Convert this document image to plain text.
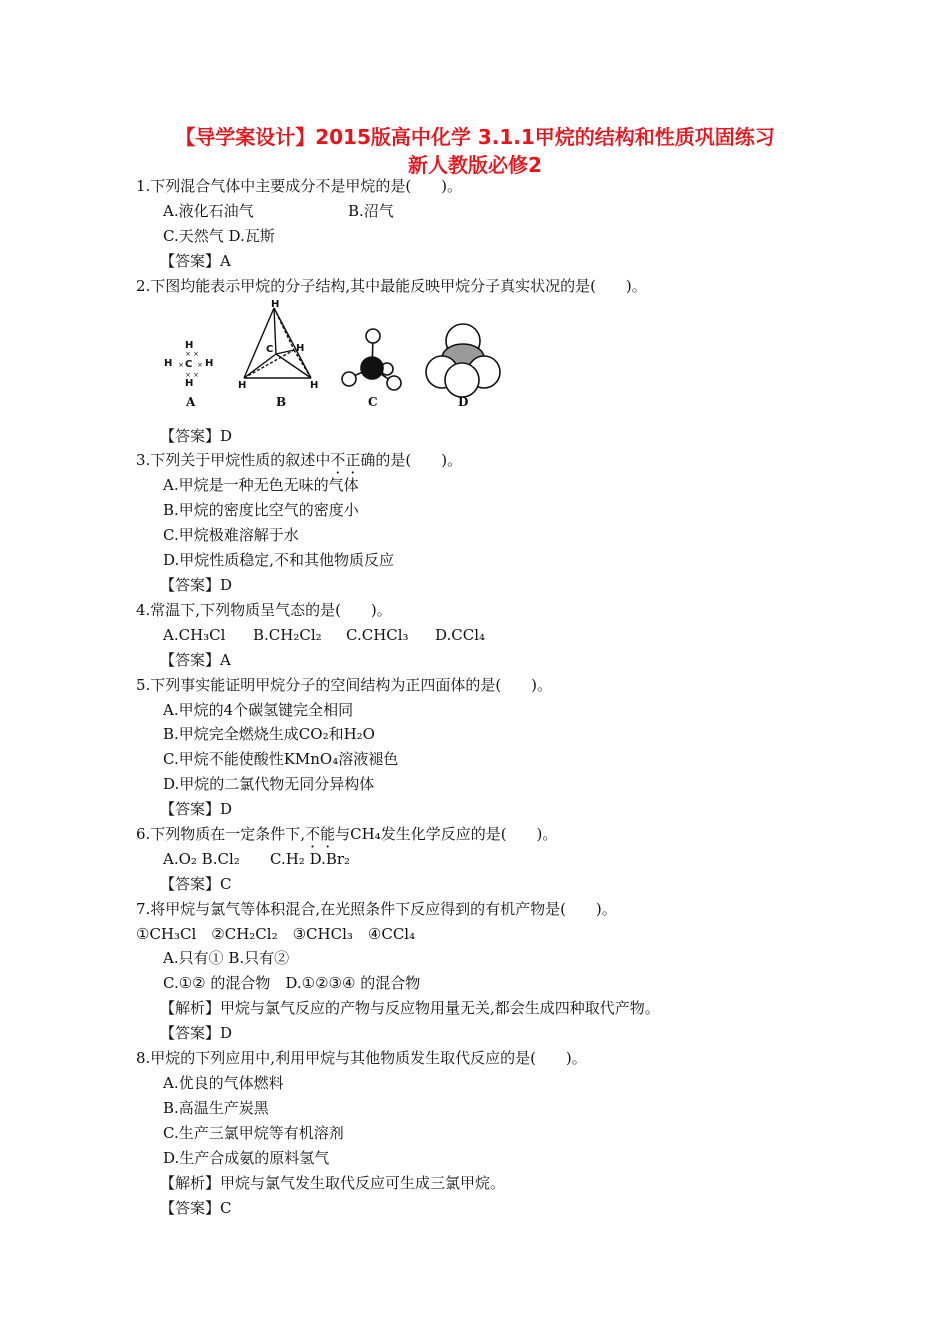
【导学案设计】2015版高中化学 3.1.1甲烷的结构和性质巩固练习
新人教版必修2
1.下列混合气体中主要成分不是甲烷的是(　　)。
A.液化石油气	B.沼气
C.天然气 D.瓦斯
【答案】A
2.下图均能表示甲烷的分子结构,其中最能反映甲烷分子真实状况的是(　　)。
H
H
H	H
C
× ×
× ×
× ×
H
C H
H	H
A	B	C	D
【答案】D
3.下列关于甲烷性质的叙述中不正确的是(　　)。
A.甲烷是一种无色无味的气体
B.甲烷的密度比空气的密度小
C.甲烷极难溶解于水
D.甲烷性质稳定,不和其他物质反应
【答案】D
4.常温下,下列物质呈气态的是(　　)。
A.CH₃Cl B.CH₂Cl₂ C.CHCl₃ D.CCl₄
【答案】A
5.下列事实能证明甲烷分子的空间结构为正四面体的是(　　)。
A.甲烷的4个碳氢键完全相同
B.甲烷完全燃烧生成CO₂和H₂O
C.甲烷不能使酸性KMnO₄溶液褪色
D.甲烷的二氯代物无同分异构体
【答案】D
6.下列物质在一定条件下,不能与CH₄发生化学反应的是(　　)。
A.O₂ B.Cl₂ C.H₂ D.Br₂
【答案】C
7.将甲烷与氯气等体积混合,在光照条件下反应得到的有机产物是(　　)。
①CH₃Cl　②CH₂Cl₂　③CHCl₃　④CCl₄
A.只有① B.只有②
C.①② 的混合物　D.①②③④ 的混合物
【解析】甲烷与氯气反应的产物与反应物用量无关,都会生成四种取代产物。
【答案】D
8.甲烷的下列应用中,利用甲烷与其他物质发生取代反应的是(　　)。
A.优良的气体燃料
B.高温生产炭黑
C.生产三氯甲烷等有机溶剂
D.生产合成氨的原料氢气
【解析】甲烷与氯气发生取代反应可生成三氯甲烷。
【答案】C
